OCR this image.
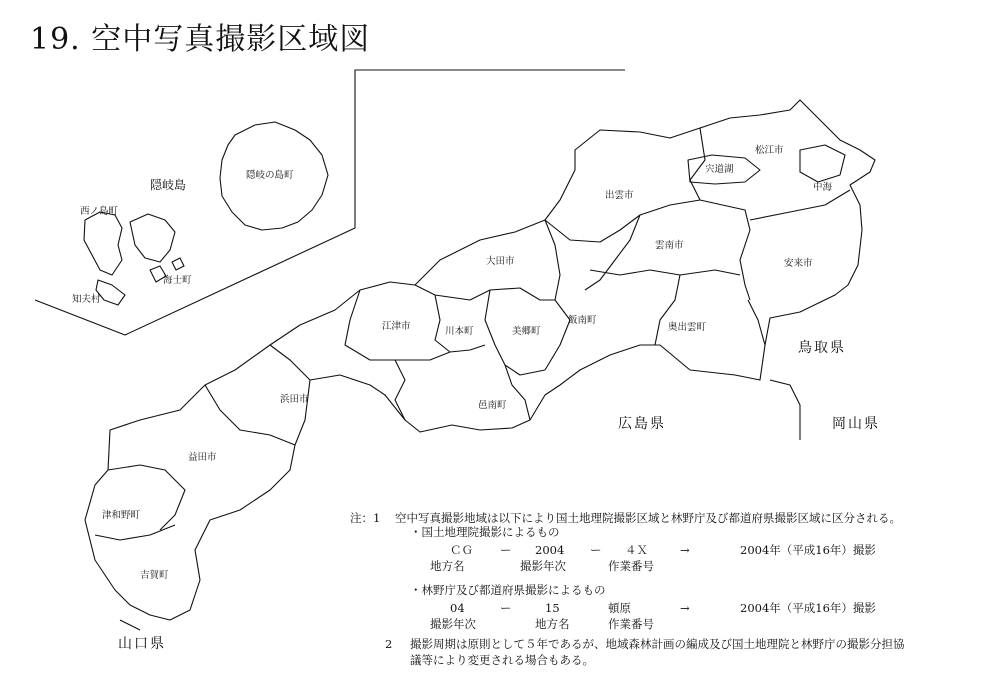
19. 空中写真撮影区域図
隠岐島
隠岐の島町
西ノ島町
海士町
知夫村
松江市
宍道湖
中海
出雲市
雲南市
安来市
大田市
飯南町
奥出雲町
江津市	川本町	美郷町
邑南町
浜田市
益田市
津和野町
吉賀町
鳥取県
岡山県
広島県
山口県
注：1 空中写真撮影地域は以下により国土地理院撮影区域と林野庁及び都道府県撮影区域に区分される。
・国土地理院撮影によるもの
ＣＧ ー 2004 ー ４Ｘ	→	2004年（平成16年）撮影
地方名	撮影年次	作業番号
・林野庁及び都道府県撮影によるもの
04	ー	15	頓原	→	2004年（平成16年）撮影
撮影年次	地方名	作業番号
2 撮影周期は原則として５年であるが、地域森林計画の編成及び国土地理院と林野庁の撮影分担協
議等により変更される場合もある。
